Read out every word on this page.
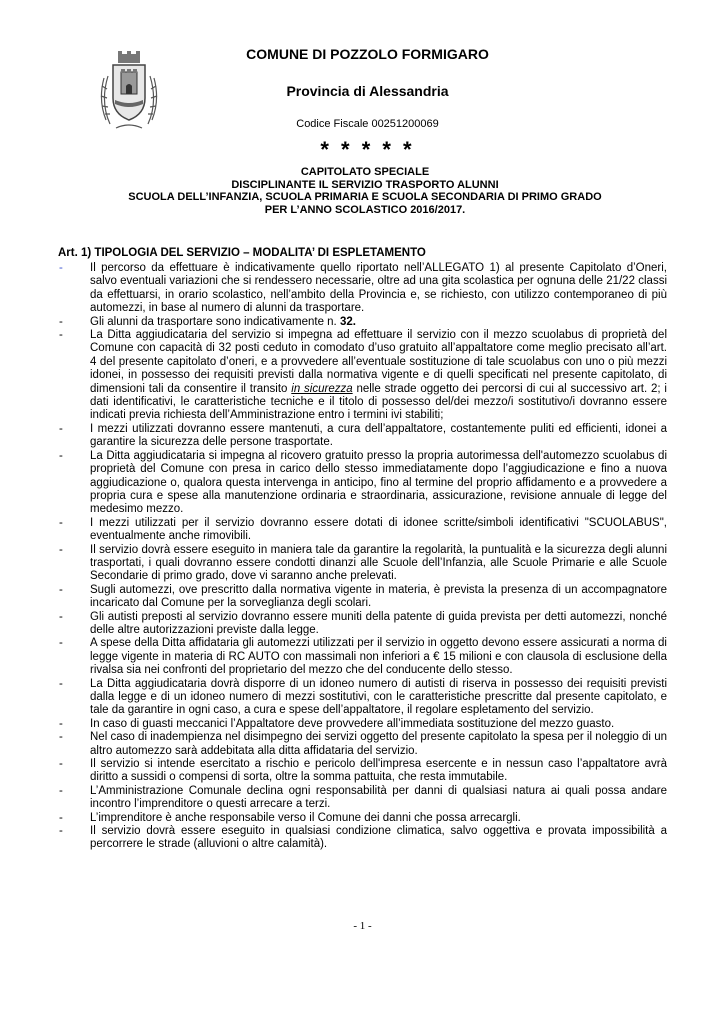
COMUNE DI POZZOLO FORMIGARO
Provincia di Alessandria
Codice Fiscale 00251200069
* * * * *
CAPITOLATO SPECIALE
DISCIPLINANTE IL SERVIZIO TRASPORTO ALUNNI
SCUOLA DELL’INFANZIA, SCUOLA PRIMARIA E SCUOLA SECONDARIA DI PRIMO GRADO
PER L’ANNO SCOLASTICO 2016/2017.
Art. 1) TIPOLOGIA DEL SERVIZIO – MODALITA’ DI ESPLETAMENTO
- Il percorso da effettuare è indicativamente quello riportato nell’ALLEGATO 1) al presente Capitolato d’Oneri, salvo eventuali variazioni che si rendessero necessarie, oltre ad una gita scolastica per ognuna delle 21/22 classi da effettuarsi, in orario scolastico, nell’ambito della Provincia e, se richiesto, con utilizzo contemporaneo di più automezzi, in base al numero di alunni da trasportare.
- Gli alunni da trasportare sono indicativamente n. 32.
- La Ditta aggiudicataria del servizio si impegna ad effettuare il servizio con il mezzo scuolabus di proprietà del Comune con capacità di 32 posti ceduto in comodato d’uso gratuito all’appaltatore come meglio precisato all’art. 4 del presente capitolato d’oneri, e a provvedere all’eventuale sostituzione di tale scuolabus con uno o più mezzi idonei, in possesso dei requisiti previsti dalla normativa vigente e di quelli specificati nel presente capitolato, di dimensioni tali da consentire il transito in sicurezza nelle strade oggetto dei percorsi di cui al successivo art. 2; i dati identificativi, le caratteristiche tecniche e il titolo di possesso del/dei mezzo/i sostitutivo/i dovranno essere indicati previa richiesta dell’Amministrazione entro i termini ivi stabiliti;
- I mezzi utilizzati dovranno essere mantenuti, a cura dell’appaltatore, costantemente puliti ed efficienti, idonei a garantire la sicurezza delle persone trasportate.
- La Ditta aggiudicataria si impegna al ricovero gratuito presso la propria autorimessa dell'automezzo scuolabus di proprietà del Comune con presa in carico dello stesso immediatamente dopo l’aggiudicazione e fino a nuova aggiudicazione o, qualora questa intervenga in anticipo, fino al termine del proprio affidamento e a provvedere a propria cura e spese alla manutenzione ordinaria e straordinaria, assicurazione, revisione annuale di legge del medesimo mezzo.
- I mezzi utilizzati per il servizio dovranno essere dotati di idonee scritte/simboli identificativi "SCUOLABUS", eventualmente anche rimovibili.
- Il servizio dovrà essere eseguito in maniera tale da garantire la regolarità, la puntualità e la sicurezza degli alunni trasportati, i quali dovranno essere condotti dinanzi alle Scuole dell’Infanzia, alle Scuole Primarie e alle Scuole Secondarie di primo grado, dove vi saranno anche prelevati.
- Sugli automezzi, ove prescritto dalla normativa vigente in materia, è prevista la presenza di un accompagnatore incaricato dal Comune per la sorveglianza degli scolari.
- Gli autisti preposti al servizio dovranno essere muniti della patente di guida prevista per detti automezzi, nonché delle altre autorizzazioni previste dalla legge.
- A spese della Ditta affidataria gli automezzi utilizzati per il servizio in oggetto devono essere assicurati a norma di legge vigente in materia di RC AUTO con massimali non inferiori a € 15 milioni e con clausola di esclusione della rivalsa sia nei confronti del proprietario del mezzo che del conducente dello stesso.
- La Ditta aggiudicataria dovrà disporre di un idoneo numero di autisti di riserva in possesso dei requisiti previsti dalla legge e di un idoneo numero di mezzi sostitutivi, con le caratteristiche prescritte dal presente capitolato, e tale da garantire in ogni caso, a cura e spese dell’appaltatore, il regolare espletamento del servizio.
- In caso di guasti meccanici l’Appaltatore deve provvedere all’immediata sostituzione del mezzo guasto.
- Nel caso di inadempienza nel disimpegno dei servizi oggetto del presente capitolato la spesa per il noleggio di un altro automezzo sarà addebitata alla ditta affidataria del servizio.
- Il servizio si intende esercitato a rischio e pericolo dell'impresa esercente e in nessun caso l’appaltatore avrà diritto a sussidi o compensi di sorta, oltre la somma pattuita, che resta immutabile.
- L’Amministrazione Comunale declina ogni responsabilità per danni di qualsiasi natura ai quali possa andare incontro l’imprenditore o questi arrecare a terzi.
- L’imprenditore è anche responsabile verso il Comune dei danni che possa arrecargli.
- Il servizio dovrà essere eseguito in qualsiasi condizione climatica, salvo oggettiva e provata impossibilità a percorrere le strade (alluvioni o altre calamità).
- 1 -
